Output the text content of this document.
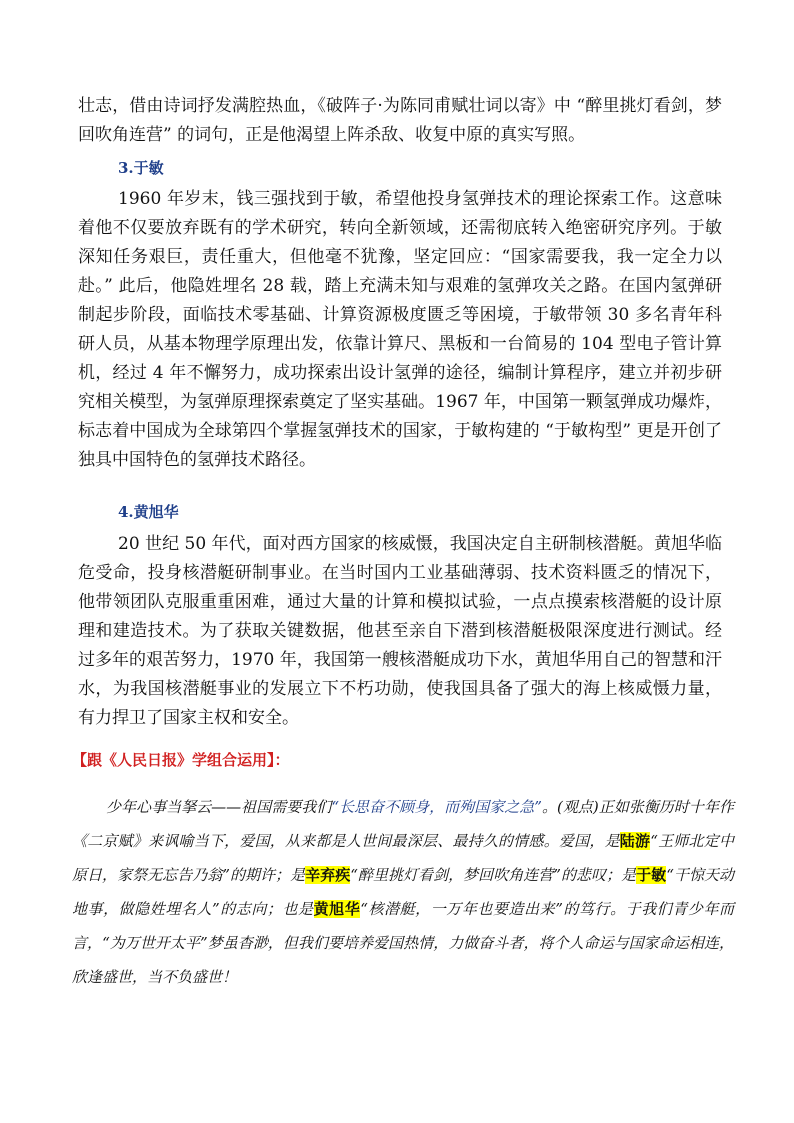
壮志，借由诗词抒发满腔热血，《破阵子·为陈同甫赋壮词以寄》中 “醉里挑灯看剑，梦回吹角连营” 的词句，正是他渴望上阵杀敌、收复中原的真实写照。

3.于敏

1960 年岁末，钱三强找到于敏，希望他投身氢弹技术的理论探索工作。这意味着他不仅要放弃既有的学术研究，转向全新领域，还需彻底转入绝密研究序列。于敏深知任务艰巨，责任重大，但他毫不犹豫，坚定回应：“国家需要我，我一定全力以赴。” 此后，他隐姓埋名 28 载，踏上充满未知与艰难的氢弹攻关之路。在国内氢弹研制起步阶段，面临技术零基础、计算资源极度匮乏等困境，于敏带领 30 多名青年科研人员，从基本物理学原理出发，依靠计算尺、黑板和一台简易的 104 型电子管计算机，经过 4 年不懈努力，成功探索出设计氢弹的途径，编制计算程序，建立并初步研究相关模型，为氢弹原理探索奠定了坚实基础。1967 年，中国第一颗氢弹成功爆炸，标志着中国成为全球第四个掌握氢弹技术的国家，于敏构建的 “于敏构型” 更是开创了独具中国特色的氢弹技术路径。

4.黄旭华

20 世纪 50 年代，面对西方国家的核威慑，我国决定自主研制核潜艇。黄旭华临危受命，投身核潜艇研制事业。在当时国内工业基础薄弱、技术资料匮乏的情况下，他带领团队克服重重困难，通过大量的计算和模拟试验，一点点摸索核潜艇的设计原理和建造技术。为了获取关键数据，他甚至亲自下潜到核潜艇极限深度进行测试。经过多年的艰苦努力，1970 年，我国第一艘核潜艇成功下水，黄旭华用自己的智慧和汗水，为我国核潜艇事业的发展立下不朽功勋，使我国具备了强大的海上核威慑力量，有力捍卫了国家主权和安全。

【跟《人民日报》学组合运用】：

少年心事当拏云——祖国需要我们“长思奋不顾身，而殉国家之急”。(观点)正如张衡历时十年作《二京赋》来讽喻当下，爱国，从来都是人世间最深层、最持久的情感。爱国，是陆游“王师北定中原日，家祭无忘告乃翁”的期许；是辛弃疾“醉里挑灯看剑，梦回吹角连营”的悲叹；是于敏“干惊天动地事，做隐姓埋名人”的志向；也是黄旭华“核潜艇，一万年也要造出来”的笃行。于我们青少年而言，“为万世开太平”梦虽杳渺，但我们要培养爱国热情，力做奋斗者，将个人命运与国家命运相连，欣逢盛世，当不负盛世！
